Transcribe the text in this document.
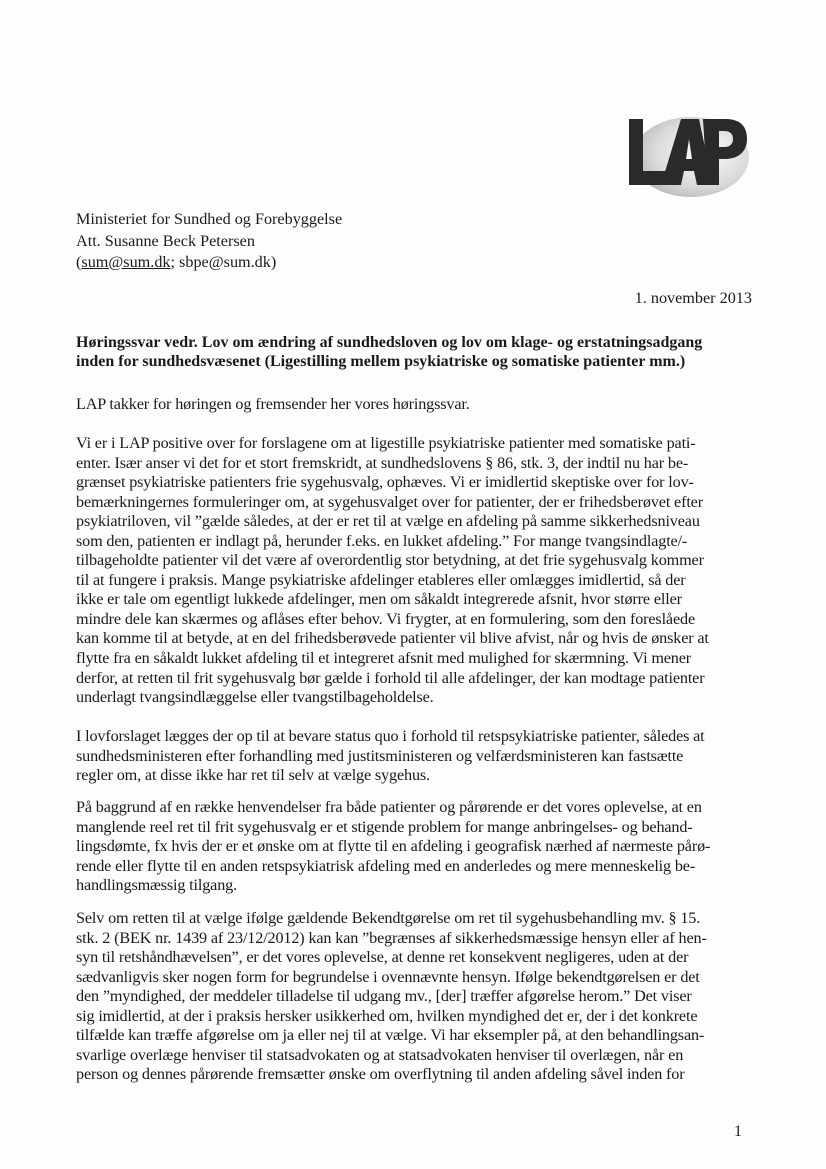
Ministeriet for Sundhed og Forebyggelse
Att. Susanne Beck Petersen
(sum@sum.dk; sbpe@sum.dk)
1. november 2013
Høringssvar vedr. Lov om ændring af sundhedsloven og lov om klage- og erstatningsadgang
inden for sundhedsvæsenet (Ligestilling mellem psykiatriske og somatiske patienter mm.)
LAP takker for høringen og fremsender her vores høringssvar.
Vi er i LAP positive over for forslagene om at ligestille psykiatriske patienter med somatiske pati-
enter. Især anser vi det for et stort fremskridt, at sundhedslovens § 86, stk. 3, der indtil nu har be-
grænset psykiatriske patienters frie sygehusvalg, ophæves. Vi er imidlertid skeptiske over for lov-
bemærkningernes formuleringer om, at sygehusvalget over for patienter, der er frihedsberøvet efter
psykiatriloven, vil ”gælde således, at der er ret til at vælge en afdeling på samme sikkerhedsniveau
som den, patienten er indlagt på, herunder f.eks. en lukket afdeling.” For mange tvangsindlagte/-
tilbageholdte patienter vil det være af overordentlig stor betydning, at det frie sygehusvalg kommer
til at fungere i praksis. Mange psykiatriske afdelinger etableres eller omlægges imidlertid, så der
ikke er tale om egentligt lukkede afdelinger, men om såkaldt integrerede afsnit, hvor større eller
mindre dele kan skærmes og aflåses efter behov. Vi frygter, at en formulering, som den foreslåede
kan komme til at betyde, at en del frihedsberøvede patienter vil blive afvist, når og hvis de ønsker at
flytte fra en såkaldt lukket afdeling til et integreret afsnit med mulighed for skærmning. Vi mener
derfor, at retten til frit sygehusvalg bør gælde i forhold til alle afdelinger, der kan modtage patienter
underlagt tvangsindlæggelse eller tvangstilbageholdelse.
I lovforslaget lægges der op til at bevare status quo i forhold til retspsykiatriske patienter, således at
sundhedsministeren efter forhandling med justitsministeren og velfærdsministeren kan fastsætte
regler om, at disse ikke har ret til selv at vælge sygehus.
På baggrund af en række henvendelser fra både patienter og pårørende er det vores oplevelse, at en
manglende reel ret til frit sygehusvalg er et stigende problem for mange anbringelses- og behand-
lingsdømte, fx hvis der er et ønske om at flytte til en afdeling i geografisk nærhed af nærmeste pårø-
rende eller flytte til en anden retspsykiatrisk afdeling med en anderledes og mere menneskelig be-
handlingsmæssig tilgang.
Selv om retten til at vælge ifølge gældende Bekendtgørelse om ret til sygehusbehandling mv. § 15.
stk. 2 (BEK nr. 1439 af 23/12/2012) kan kan ”begrænses af sikkerhedsmæssige hensyn eller af hen-
syn til retshåndhævelsen”, er det vores oplevelse, at denne ret konsekvent negligeres, uden at der
sædvanligvis sker nogen form for begrundelse i ovennævnte hensyn. Ifølge bekendtgørelsen er det
den ”myndighed, der meddeler tilladelse til udgang mv., [der] træffer afgørelse herom.” Det viser
sig imidlertid, at der i praksis hersker usikkerhed om, hvilken myndighed det er, der i det konkrete
tilfælde kan træffe afgørelse om ja eller nej til at vælge. Vi har eksempler på, at den behandlingsan-
svarlige overlæge henviser til statsadvokaten og at statsadvokaten henviser til overlægen, når en
person og dennes pårørende fremsætter ønske om overflytning til anden afdeling såvel inden for
1
